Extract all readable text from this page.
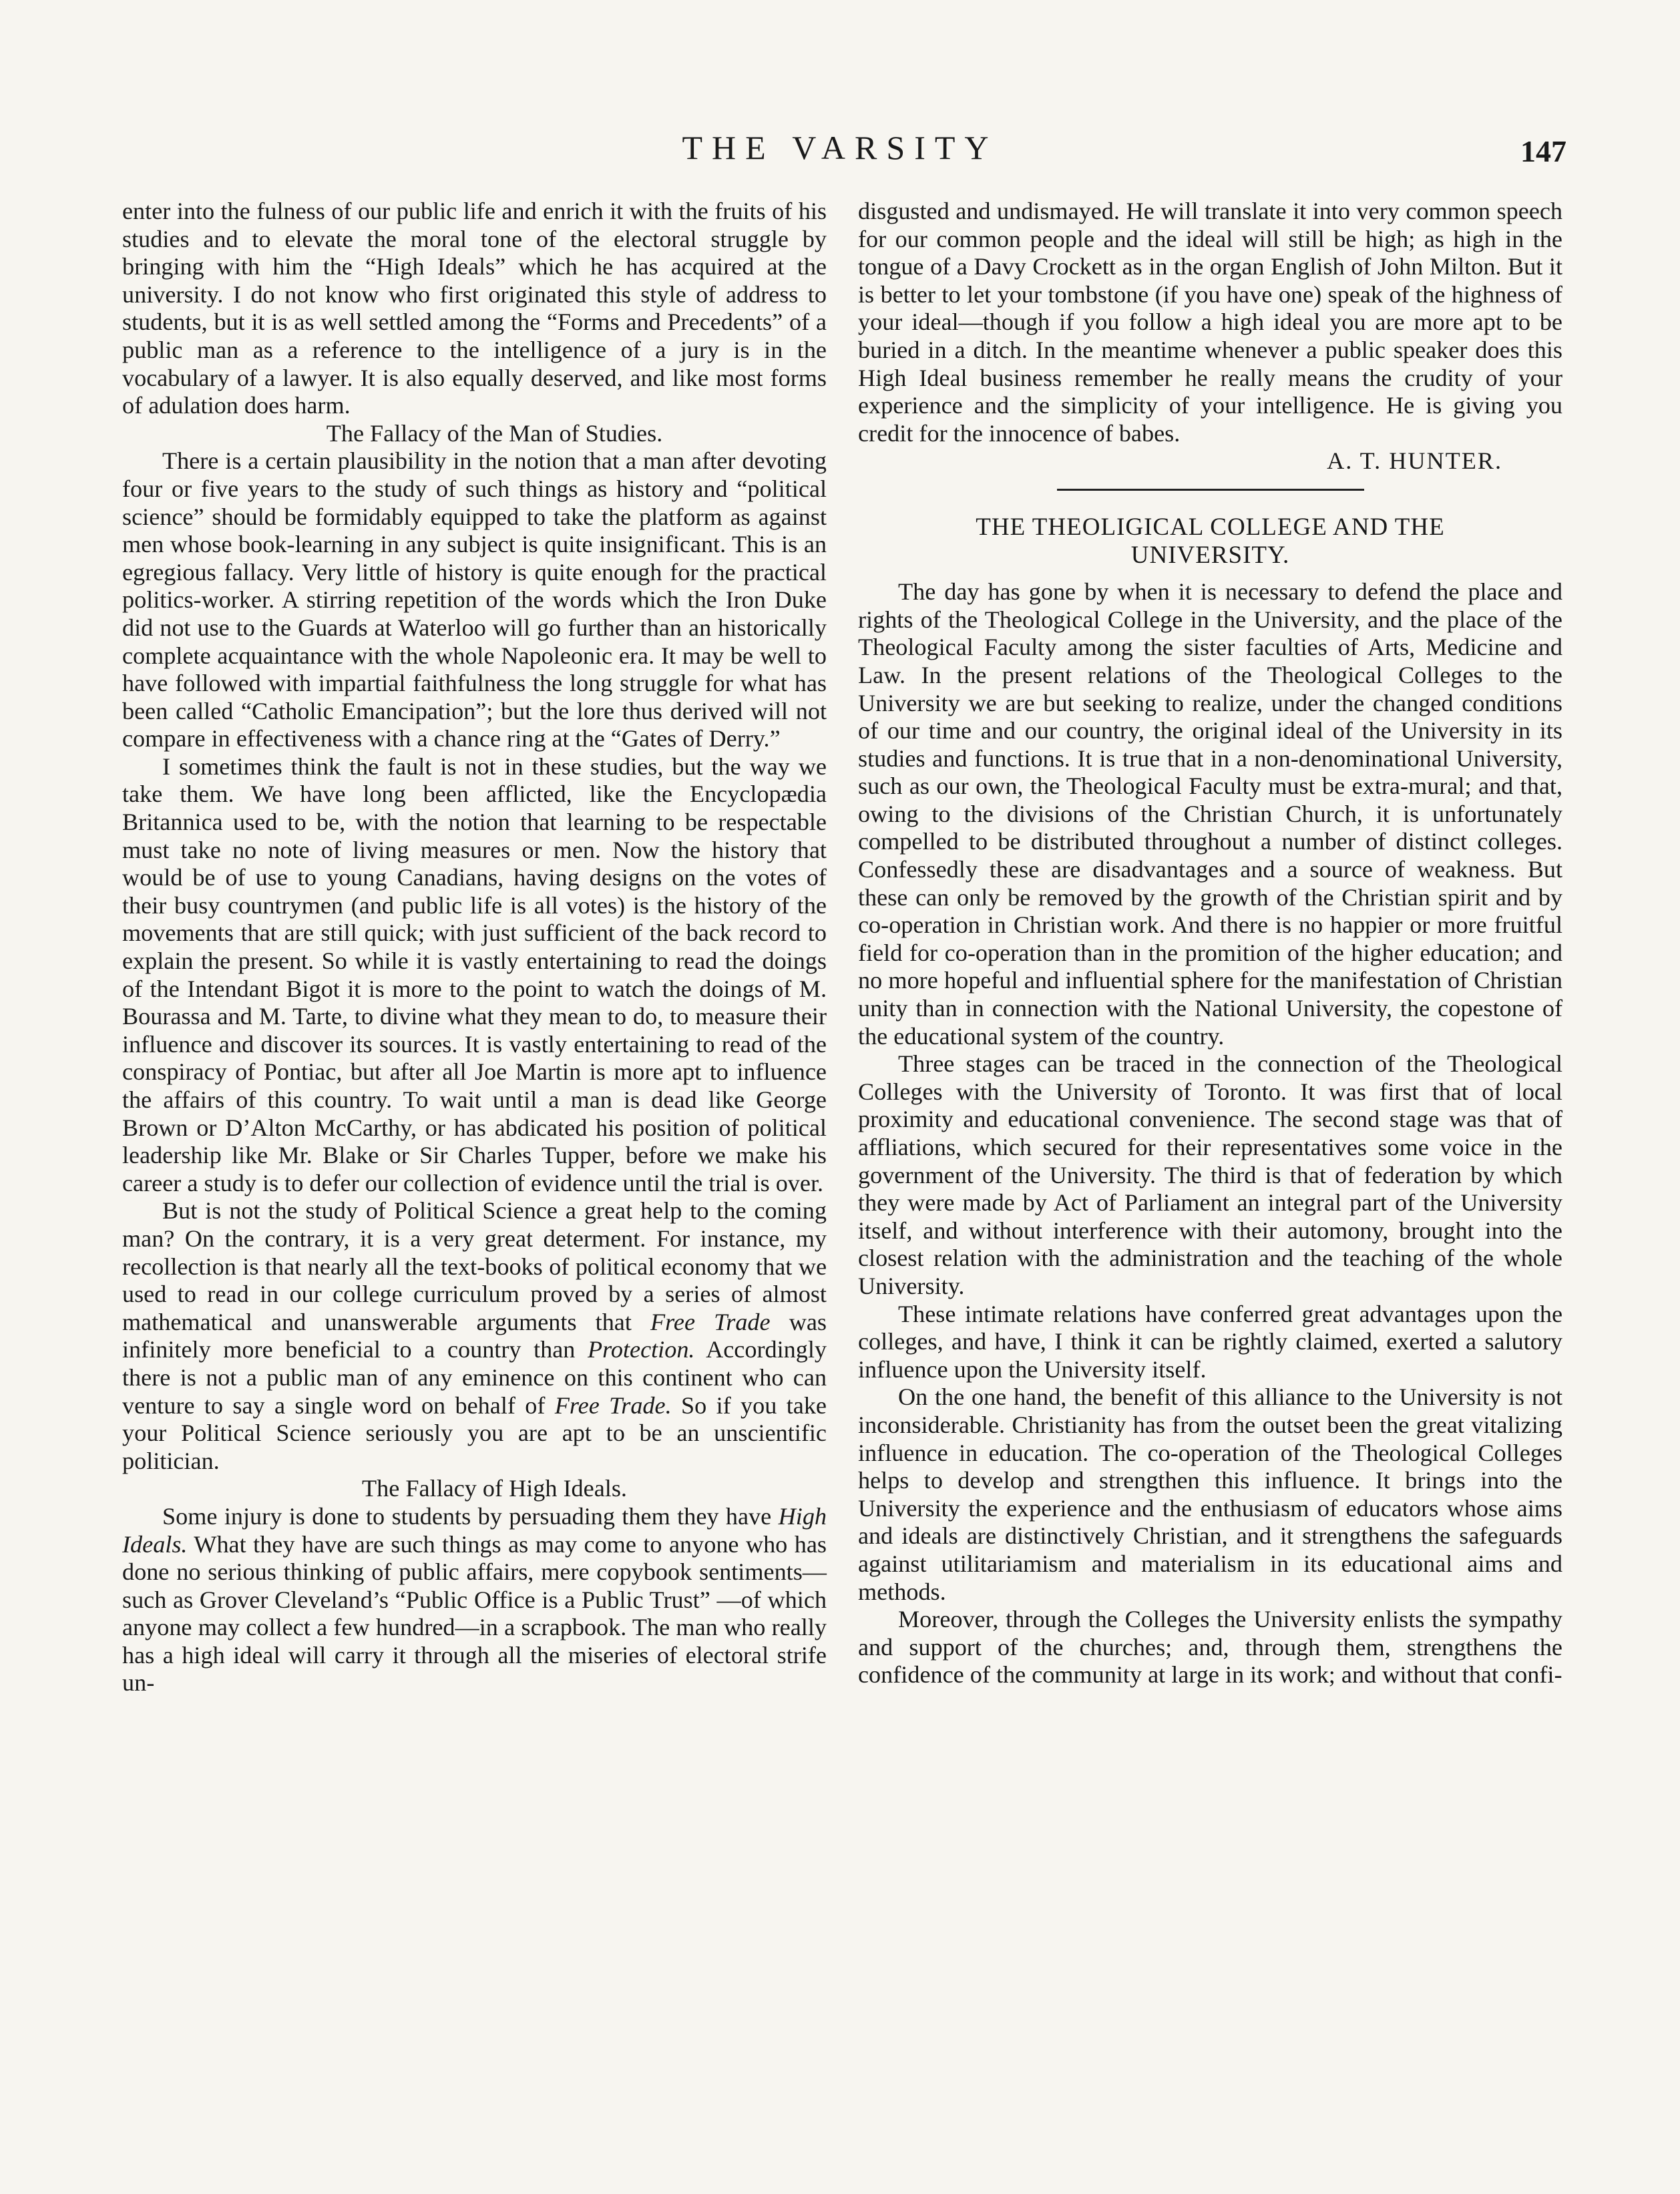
THE VARSITY	147

enter into the fulness of our public life and enrich it with the fruits of his studies and to elevate the moral tone of the electoral struggle by bringing with him the “High Ideals” which he has acquired at the university. I do not know who first originated this style of address to students, but it is as well settled among the “Forms and Precedents” of a public man as a reference to the intelligence of a jury is in the vocabulary of a lawyer. It is also equally deserved, and like most forms of adulation does harm.

The Fallacy of the Man of Studies.

There is a certain plausibility in the notion that a man after devoting four or five years to the study of such things as history and “political science” should be formidably equipped to take the platform as against men whose book-learning in any subject is quite insignificant. This is an egregious fallacy. Very little of history is quite enough for the practical politics-worker. A stirring repetition of the words which the Iron Duke did not use to the Guards at Waterloo will go further than an historically complete acquaintance with the whole Napoleonic era. It may be well to have followed with impartial faithfulness the long struggle for what has been called “Catholic Emancipation”; but the lore thus derived will not compare in effectiveness with a chance ring at the “Gates of Derry.”

I sometimes think the fault is not in these studies, but the way we take them. We have long been afflicted, like the Encyclopædia Britannica used to be, with the notion that learning to be respectable must take no note of living measures or men. Now the history that would be of use to young Canadians, having designs on the votes of their busy countrymen (and public life is all votes) is the history of the movements that are still quick; with just sufficient of the back record to explain the present. So while it is vastly entertaining to read the doings of the Intendant Bigot it is more to the point to watch the doings of M. Bourassa and M. Tarte, to divine what they mean to do, to measure their influence and discover its sources. It is vastly entertaining to read of the conspiracy of Pontiac, but after all Joe Martin is more apt to influence the affairs of this country. To wait until a man is dead like George Brown or D’Alton McCarthy, or has abdicated his position of political leadership like Mr. Blake or Sir Charles Tupper, before we make his career a study is to defer our collection of evidence until the trial is over.

But is not the study of Political Science a great help to the coming man? On the contrary, it is a very great determent. For instance, my recollection is that nearly all the text-books of political economy that we used to read in our college curriculum proved by a series of almost mathematical and unanswerable arguments that Free Trade was infinitely more beneficial to a country than Protection. Accordingly there is not a public man of any eminence on this continent who can venture to say a single word on behalf of Free Trade. So if you take your Political Science seriously you are apt to be an unscientific politician.

The Fallacy of High Ideals.

Some injury is done to students by persuading them they have High Ideals. What they have are such things as may come to anyone who has done no serious thinking of public affairs, mere copybook sentiments—such as Grover Cleveland’s “Public Office is a Public Trust” —of which anyone may collect a few hundred—in a scrapbook. The man who really has a high ideal will carry it through all the miseries of electoral strife un-

disgusted and undismayed. He will translate it into very common speech for our common people and the ideal will still be high; as high in the tongue of a Davy Crockett as in the organ English of John Milton. But it is better to let your tombstone (if you have one) speak of the highness of your ideal—though if you follow a high ideal you are more apt to be buried in a ditch. In the meantime whenever a public speaker does this High Ideal business remember he really means the crudity of your experience and the simplicity of your intelligence. He is giving you credit for the innocence of babes.

A. T. HUNTER.

THE THEOLIGICAL COLLEGE AND THE
UNIVERSITY.

The day has gone by when it is necessary to defend the place and rights of the Theological College in the University, and the place of the Theological Faculty among the sister faculties of Arts, Medicine and Law. In the present relations of the Theological Colleges to the University we are but seeking to realize, under the changed conditions of our time and our country, the original ideal of the University in its studies and functions. It is true that in a non-denominational University, such as our own, the Theological Faculty must be extra-mural; and that, owing to the divisions of the Christian Church, it is unfortunately compelled to be distributed throughout a number of distinct colleges. Confessedly these are disadvantages and a source of weakness. But these can only be removed by the growth of the Christian spirit and by co-operation in Christian work. And there is no happier or more fruitful field for co-operation than in the promition of the higher education; and no more hopeful and influential sphere for the manifestation of Christian unity than in connection with the National University, the copestone of the educational system of the country.

Three stages can be traced in the connection of the Theological Colleges with the University of Toronto. It was first that of local proximity and educational convenience. The second stage was that of affliations, which secured for their representatives some voice in the government of the University. The third is that of federation by which they were made by Act of Parliament an integral part of the University itself, and without interference with their automony, brought into the closest relation with the administration and the teaching of the whole University.

These intimate relations have conferred great advantages upon the colleges, and have, I think it can be rightly claimed, exerted a salutory influence upon the University itself.

On the one hand, the benefit of this alliance to the University is not inconsiderable. Christianity has from the outset been the great vitalizing influence in education. The co-operation of the Theological Colleges helps to develop and strengthen this influence. It brings into the University the experience and the enthusiasm of educators whose aims and ideals are distinctively Christian, and it strengthens the safeguards against utilitariamism and materialism in its educational aims and methods.

Moreover, through the Colleges the University enlists the sympathy and support of the churches; and, through them, strengthens the confidence of the community at large in its work; and without that confi-
